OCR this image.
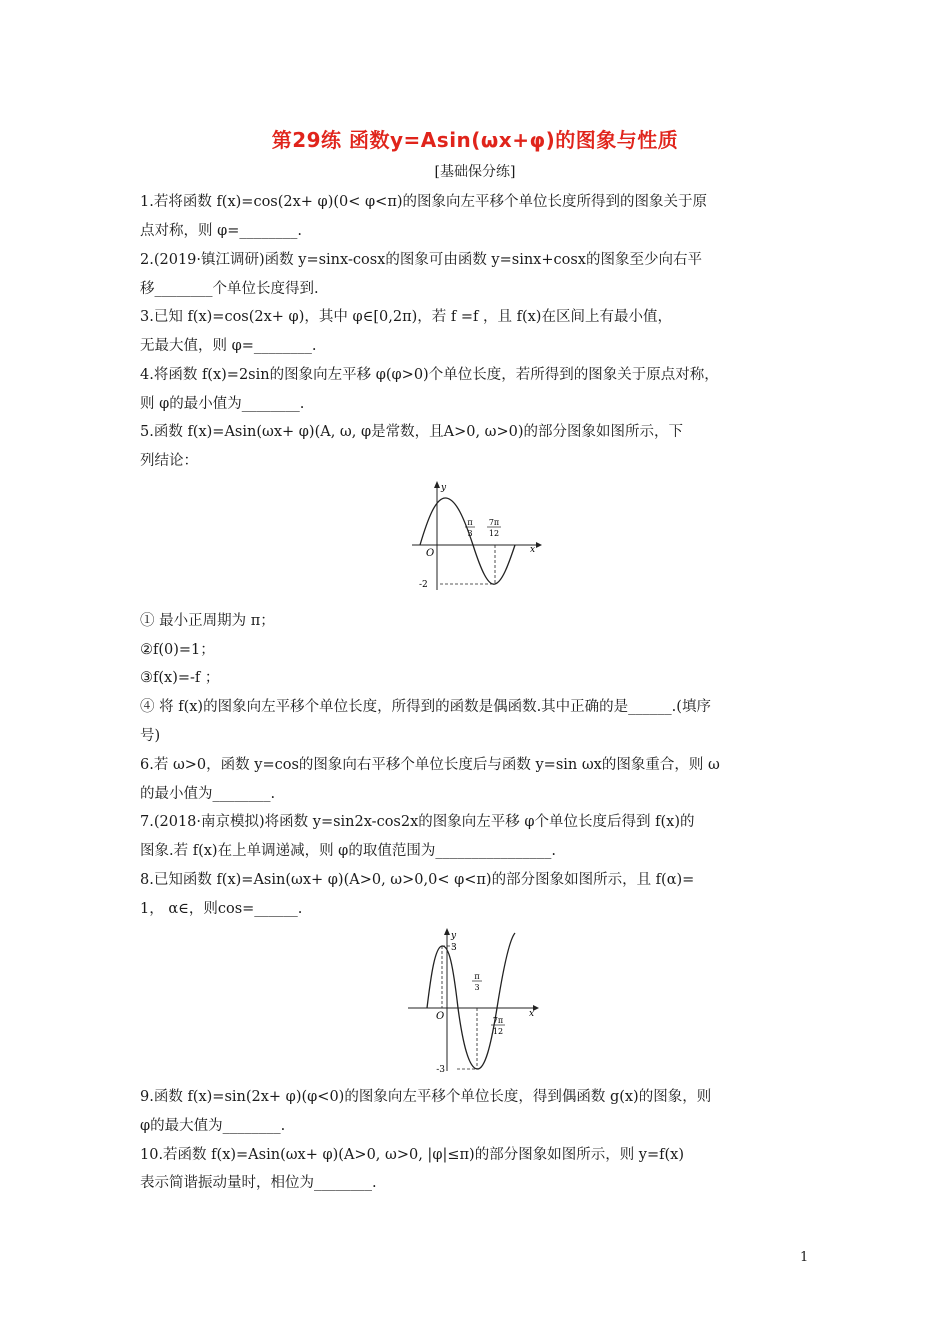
第29练 函数y=Asin(ωx+φ)的图象与性质
[基础保分练]
1.若将函数 f(x)=cos(2x+ φ)(0< φ<π)的图象向左平移个单位长度所得到的图象关于原
点对称，则 φ=________.
2.(2019·镇江调研)函数 y=sinx-cosx的图象可由函数 y=sinx+cosx的图象至少向右平
移________个单位长度得到.
3.已知 f(x)=cos(2x+ φ)，其中 φ∈[0,2π)，若 f =f ，且 f(x)在区间上有最小值，
无最大值，则 φ=________.
4.将函数 f(x)=2sin的图象向左平移 φ(φ>0)个单位长度，若所得到的图象关于原点对称，
则 φ的最小值为________.
5.函数 f(x)=Asin(ωx+ φ)(A, ω, φ是常数，且A>0, ω>0)的部分图象如图所示，下
列结论：
y
x
O
-2
π
3
7π
12
① 最小正周期为 π；
②f(0)=1；
③f(x)=-f ；
④ 将 f(x)的图象向左平移个单位长度，所得到的函数是偶函数.其中正确的是______.(填序
号)
6.若 ω>0，函数 y=cos的图象向右平移个单位长度后与函数 y=sin ωx的图象重合，则 ω
的最小值为________.
7.(2018·南京模拟)将函数 y=sin2x-cos2x的图象向左平移 φ个单位长度后得到 f(x)的
图象.若 f(x)在上单调递减，则 φ的取值范围为________________.
8.已知函数 f(x)=Asin(ωx+ φ)(A>0, ω>0,0< φ<π)的部分图象如图所示，且 f(α)=
1， α∈，则cos=______.
y
x
O
3
-3
π
3
7π
12
9.函数 f(x)=sin(2x+ φ)(φ<0)的图象向左平移个单位长度，得到偶函数 g(x)的图象，则
φ的最大值为________.
10.若函数 f(x)=Asin(ωx+ φ)(A>0, ω>0, |φ|≤π)的部分图象如图所示，则 y=f(x)
表示简谐振动量时，相位为________.
1
